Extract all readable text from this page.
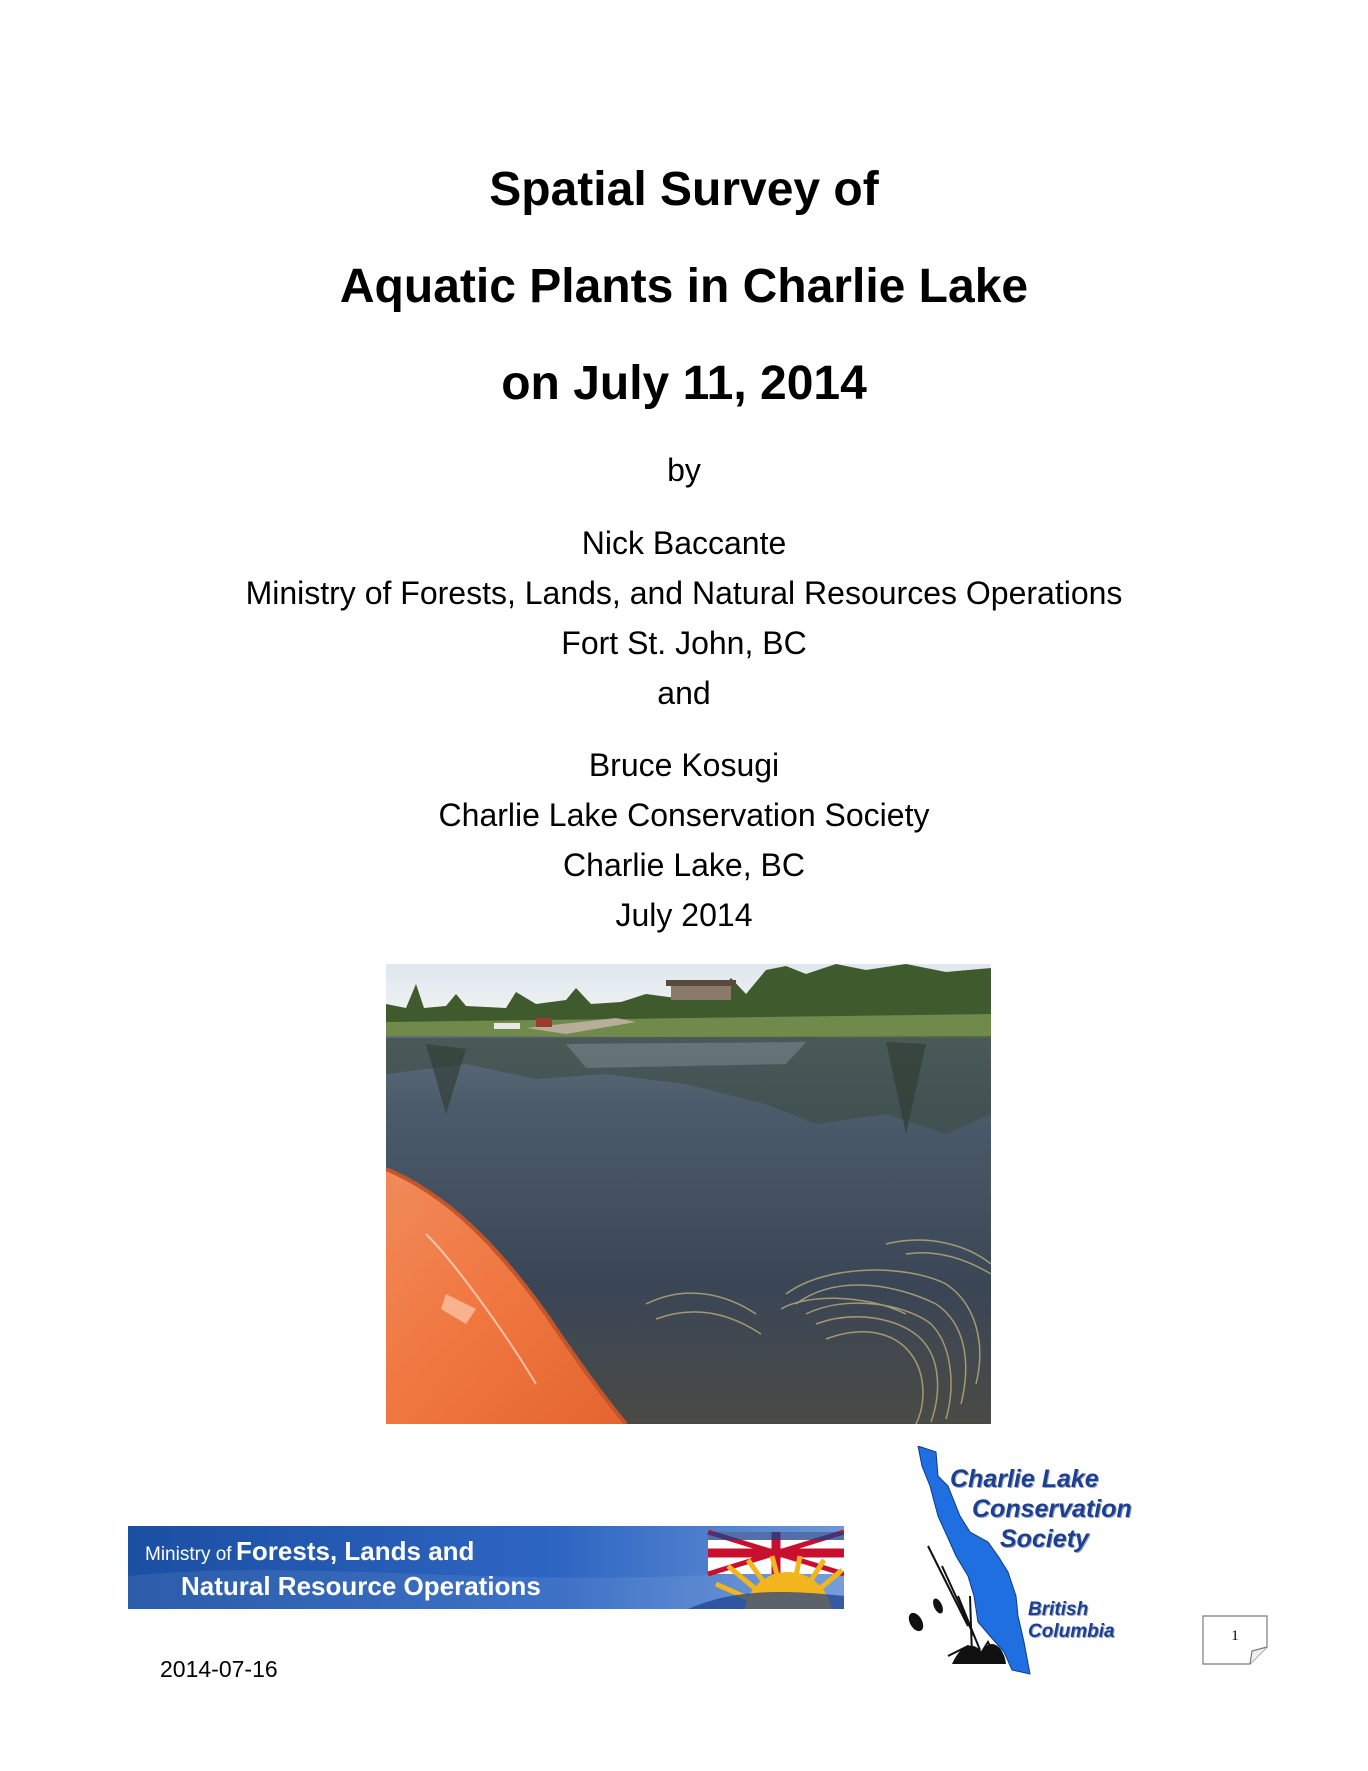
Spatial Survey of
Aquatic Plants in Charlie Lake
on July 11, 2014

by

Nick Baccante

Ministry of Forests, Lands, and Natural Resources Operations

Fort St. John, BC

and

Bruce Kosugi

Charlie Lake Conservation Society

Charlie Lake, BC

July 2014

Ministry of Forests, Lands and
Natural Resource Operations
Charlie Lake
Conservation
Society
British
Columbia	1
2014-07-16
